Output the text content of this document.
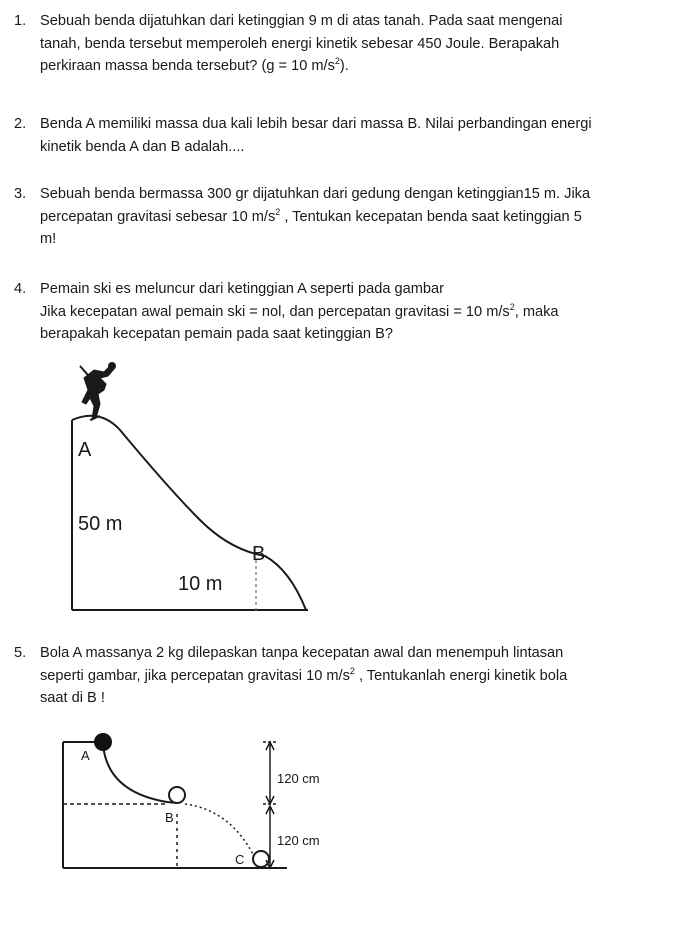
1. Sebuah benda dijatuhkan dari ketinggian 9 m di atas tanah. Pada saat mengenai
tanah, benda tersebut memperoleh energi kinetik sebesar 450 Joule. Berapakah
perkiraan massa benda tersebut? (g = 10 $m/s^2$).
2. Benda A memiliki massa dua kali lebih besar dari massa B. Nilai perbandingan energi
kinetik benda A dan B adalah....
3. Sebuah benda bermassa 300 gr dijatuhkan dari gedung dengan ketinggian15 m. Jika
percepatan gravitasi sebesar 10 $m/s^2$ , Tentukan kecepatan benda saat ketinggian 5
m!
4. Pemain ski es meluncur dari ketinggian A seperti pada gambar
Jika kecepatan awal pemain ski = nol, dan percepatan gravitasi = 10 $m/s^2$, maka
berapakah kecepatan pemain pada saat ketinggian B?
A
50 m
B
10 m
5. Bola A massanya 2 kg dilepaskan tanpa kecepatan awal dan menempuh lintasan
seperti gambar, jika percepatan gravitasi 10 $m/s^2$ , Tentukanlah energi kinetik bola
saat di B !
A
B
C
120 cm
120 cm
